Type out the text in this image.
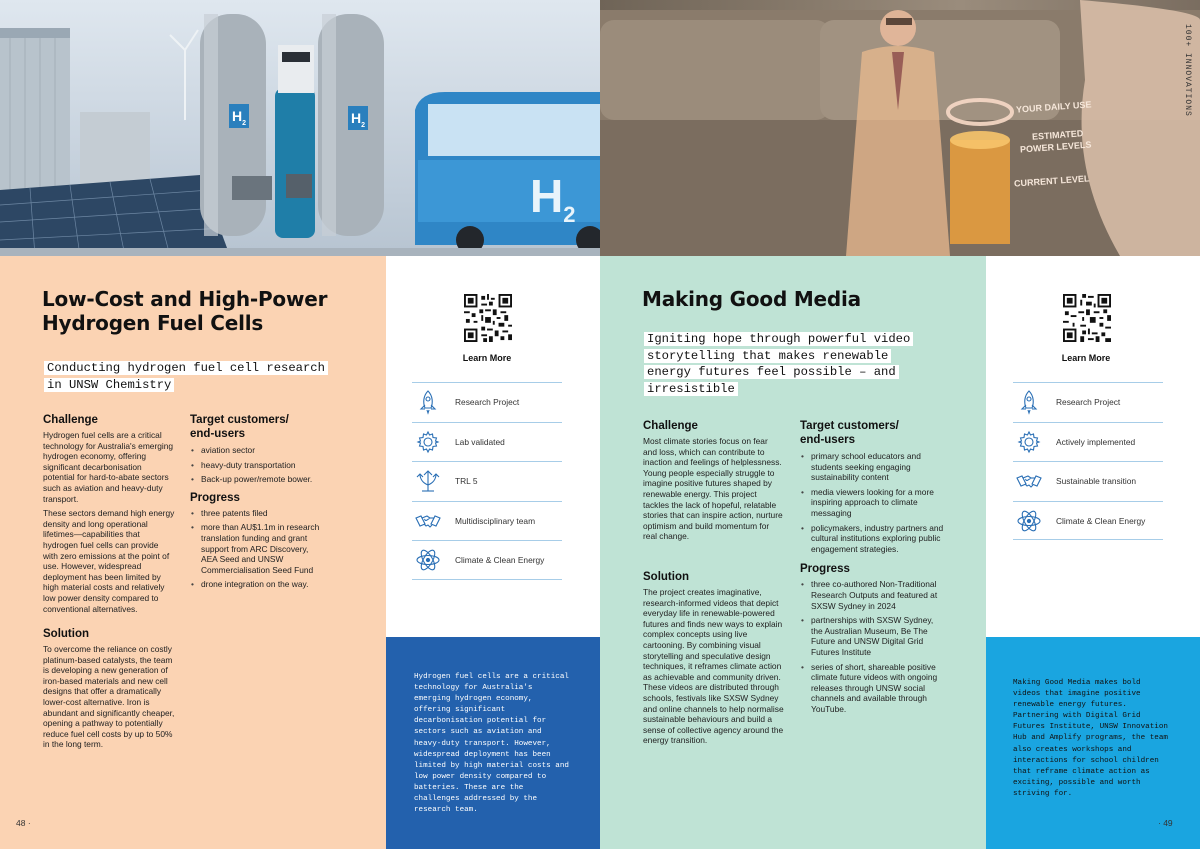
$H_2$	$H_2$
$H_2$
YOUR DAILY USE
ESTIMATED
POWER LEVELS
CURRENT LEVEL
100+ INNOVATIONS
Low-Cost and High-Power
Hydrogen Fuel Cells
Conducting hydrogen fuel cell research
in UNSW Chemistry
Challenge

Hydrogen fuel cells are a critical technology for Australia's emerging hydrogen economy, offering significant decarbonisation potential for hard-to-abate sectors such as aviation and heavy-duty transport.

These sectors demand high energy density and long operational lifetimes—capabilities that hydrogen fuel cells can provide with zero emissions at the point of use. However, widespread deployment has been limited by high material costs and relatively low power density compared to conventional alternatives.

Solution

To overcome the reliance on costly platinum-based catalysts, the team is developing a new generation of iron-based materials and new cell designs that offer a dramatically lower-cost alternative. Iron is abundant and significantly cheaper, opening a pathway to potentially reduce fuel cell costs by up to 50% in the long term.

Target customers/
end-users
• aviation sector
• heavy-duty transportation
• Back-up power/remote bower.
Progress
• three patents filed
• more than AU$1.1m in research translation funding and grant support from ARC Discovery, AEA Seed and UNSW Commercialisation Seed Fund
• drone integration on the way.
Learn More
Research Project
Lab validated
TRL 5
Multidisciplinary team
Climate & Clean Energy
Hydrogen fuel cells are a critical technology for Australia's emerging hydrogen economy, offering significant decarbonisation potential for sectors such as aviation and heavy-duty transport. However, widespread deployment has been limited by high material costs and low power density compared to batteries. These are the challenges addressed by the research team.
48 ·
Making Good Media
Igniting hope through powerful video
storytelling that makes renewable
energy futures feel possible – and
irresistible
Challenge

Most climate stories focus on fear and loss, which can contribute to inaction and feelings of helplessness. Young people especially struggle to imagine positive futures shaped by renewable energy. This project tackles the lack of hopeful, relatable stories that can inspire action, nurture optimism and build momentum for real change.

Solution

The project creates imaginative, research-informed videos that depict everyday life in renewable-powered futures and finds new ways to explain complex concepts using live cartooning. By combining visual storytelling and speculative design techniques, it reframes climate action as achievable and community driven. These videos are distributed through schools, festivals like SXSW Sydney and online channels to help normalise sustainable behaviours and build a sense of collective agency around the energy transition.

Target customers/
end-users
• primary school educators and students seeking engaging sustainability content
• media viewers looking for a more inspiring approach to climate messaging
• policymakers, industry partners and cultural institutions exploring public engagement strategies.
Progress
• three co-authored Non-Traditional Research Outputs and featured at SXSW Sydney in 2024
• partnerships with SXSW Sydney, the Australian Museum, Be The Future and UNSW Digital Grid Futures Institute
• series of short, shareable positive climate future videos with ongoing releases through UNSW social channels and available through YouTube.
Learn More
Research Project
Actively implemented
Sustainable transition
Climate & Clean Energy
Making Good Media makes bold videos that imagine positive renewable energy futures. Partnering with Digital Grid Futures Institute, UNSW Innovation Hub and Amplify programs, the team also creates workshops and interactions for school children that reframe climate action as exciting, possible and worth striving for.
· 49
